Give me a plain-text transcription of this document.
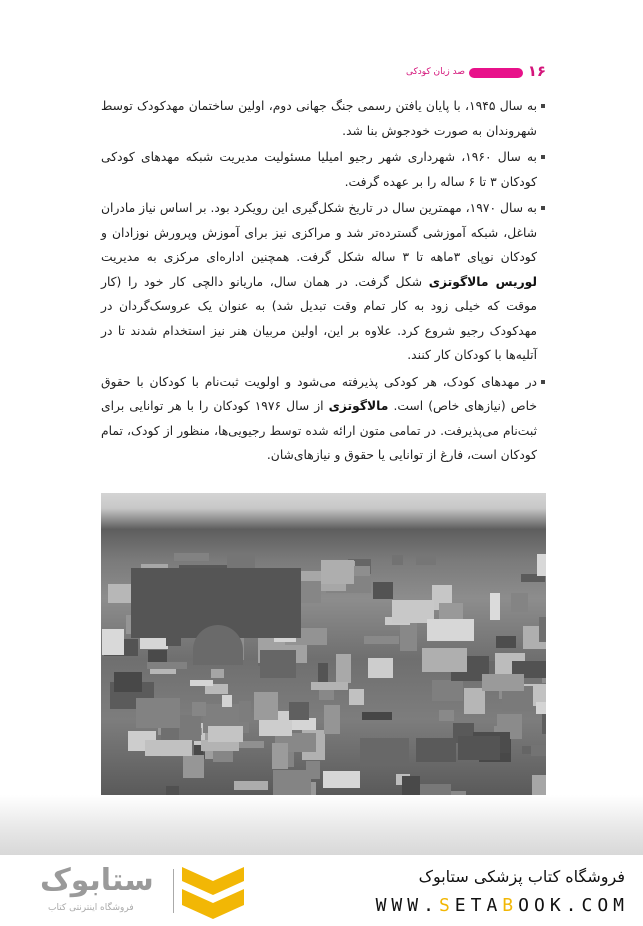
۱۶
صد زبان کودکی

به سال ۱۹۴۵، با پایان یافتن رسمی جنگ جهانی دوم، اولین ساختمان مهدکودک توسط شهروندان به صورت خودجوش بنا شد.

به سال ۱۹۶۰، شهرداری شهر رجیو امیلیا مسئولیت مدیریت شبکه مهدهای کودکی کودکان ۳ تا ۶ ساله را بر عهده گرفت.

به سال ۱۹۷۰، مهمترین سال در تاریخ شکل‌گیری این رویکرد بود. بر اساس نیاز مادران شاغل، شبکه آموزشی گسترده‌تر شد و مراکزی نیز برای آموزش وپرورش نوزادان و کودکان نوپای ۳ماهه تا ۳ ساله شکل گرفت. همچنین اداره‌ای مرکزی به مدیریت لوریس مالاگوتزی شکل گرفت. در همان سال، ماریانو دالچی کار خود را (کار موقت که خیلی زود به کار تمام وقت تبدیل شد) به عنوان یک عروسک‌گردان در مهدکودک رجیو شروع کرد. علاوه بر این، اولین مربیان هنر نیز استخدام شدند تا در آتلیه‌ها با کودکان کار کنند.

در مهدهای کودک، هر کودکی پذیرفته می‌شود و اولویت ثبت‌نام با کودکان با حقوق خاص (نیازهای خاص) است. مالاگوتزی از سال ۱۹۷۶ کودکان را با هر توانایی برای ثبت‌نام می‌پذیرفت. در تمامی متون ارائه شده توسط رجیویی‌ها، منظور از کودک، تمام کودکان است، فارغ از توانایی یا حقوق و نیازهای‌شان.

ستابوک
فروشگاه اینترنتی کتاب
فروشگاه کتاب پزشکی ستابوک
WWW.SETABOOK.COM
